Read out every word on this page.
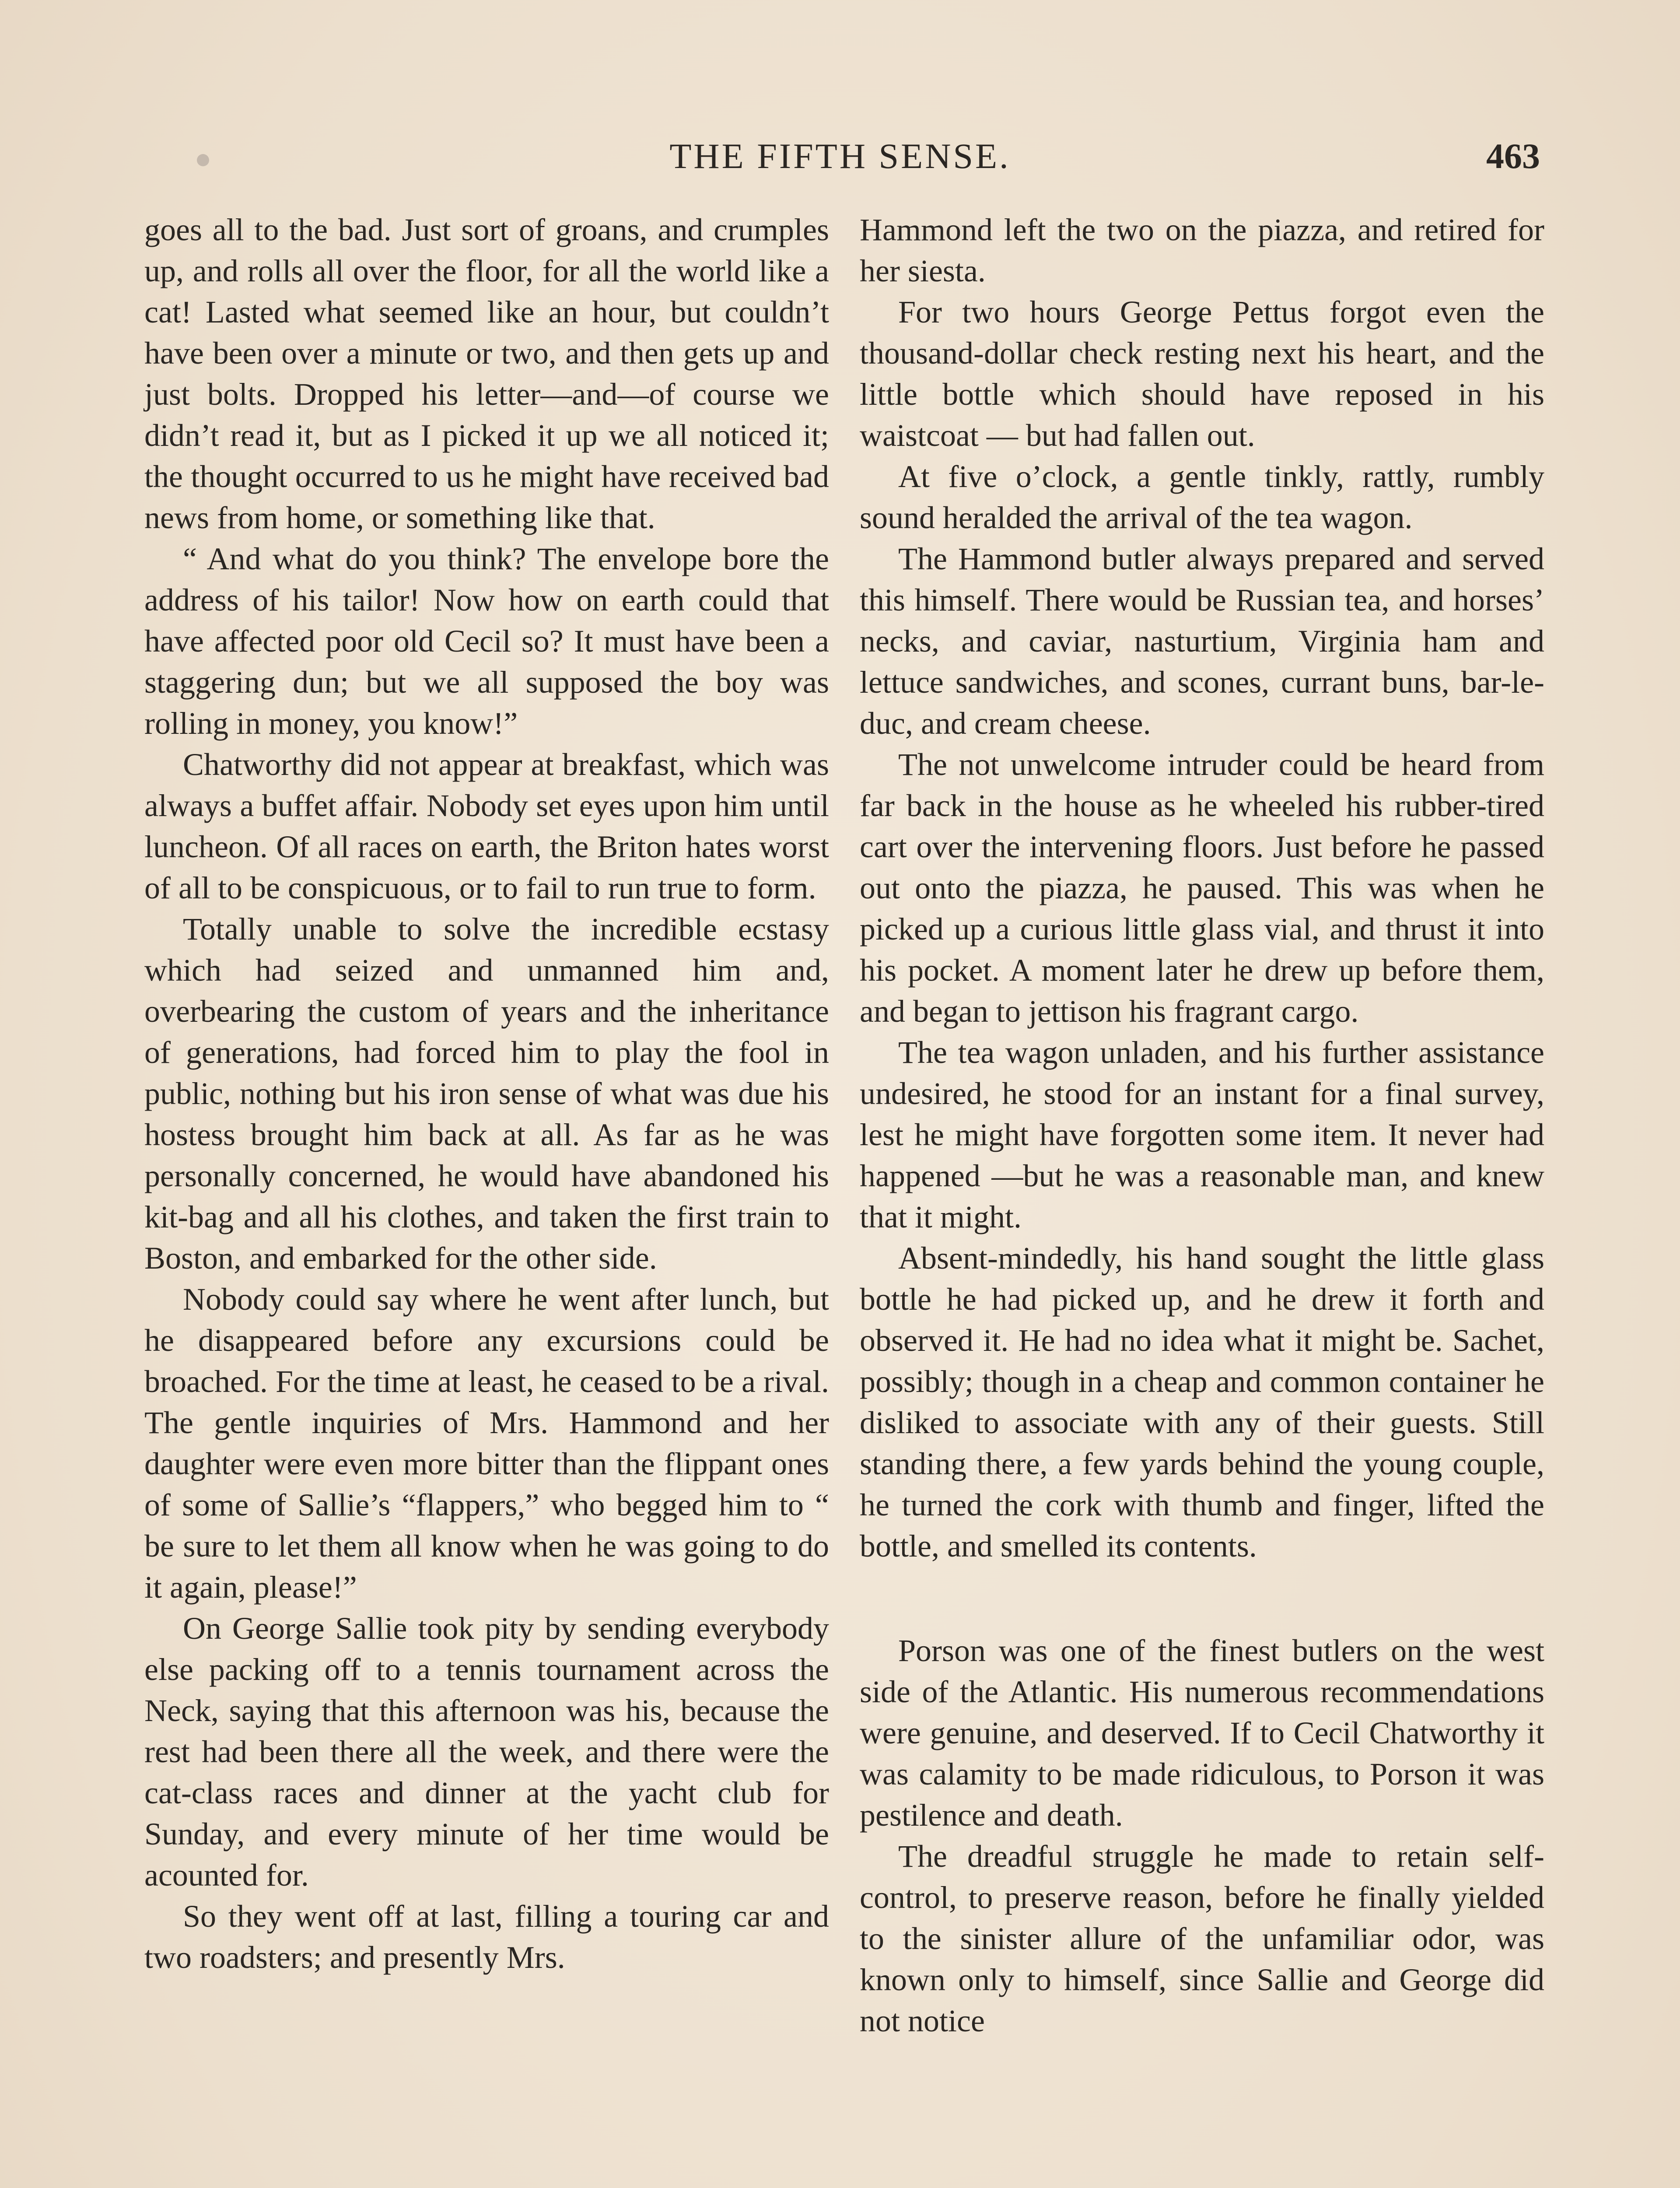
THE FIFTH SENSE.	463

goes all to the bad. Just sort of groans, and crumples up, and rolls all over the floor, for all the world like a cat! Lasted what seemed like an hour, but couldn’t have been over a minute or two, and then gets up and just bolts. Dropped his letter—and—of course we didn’t read it, but as I picked it up we all noticed it; the thought occurred to us he might have received bad news from home, or something like that.

“ And what do you think? The envelope bore the address of his tailor! Now how on earth could that have affected poor old Cecil so? It must have been a staggering dun; but we all supposed the boy was rolling in money, you know!”

Chatworthy did not appear at breakfast, which was always a buffet affair. Nobody set eyes upon him until luncheon. Of all races on earth, the Briton hates worst of all to be conspicuous, or to fail to run true to form.

Totally unable to solve the incredible ecstasy which had seized and unmanned him and, overbearing the custom of years and the inheritance of generations, had forced him to play the fool in public, nothing but his iron sense of what was due his hostess brought him back at all. As far as he was personally concerned, he would have abandoned his kit-bag and all his clothes, and taken the first train to Boston, and embarked for the other side.

Nobody could say where he went after lunch, but he disappeared before any excursions could be broached. For the time at least, he ceased to be a rival. The gentle inquiries of Mrs. Hammond and her daughter were even more bitter than the flippant ones of some of Sallie’s “flappers,” who begged him to “ be sure to let them all know when he was going to do it again, please!”

On George Sallie took pity by sending everybody else packing off to a tennis tournament across the Neck, saying that this afternoon was his, because the rest had been there all the week, and there were the cat-class races and dinner at the yacht club for Sunday, and every minute of her time would be acounted for.

So they went off at last, filling a touring car and two roadsters; and presently Mrs.

Hammond left the two on the piazza, and retired for her siesta.

For two hours George Pettus forgot even the thousand-dollar check resting next his heart, and the little bottle which should have reposed in his waistcoat — but had fallen out.

At five o’clock, a gentle tinkly, rattly, rumbly sound heralded the arrival of the tea wagon.

The Hammond butler always prepared and served this himself. There would be Russian tea, and horses’ necks, and caviar, nasturtium, Virginia ham and lettuce sandwiches, and scones, currant buns, bar-le-duc, and cream cheese.

The not unwelcome intruder could be heard from far back in the house as he wheeled his rubber-tired cart over the intervening floors. Just before he passed out onto the piazza, he paused. This was when he picked up a curious little glass vial, and thrust it into his pocket. A moment later he drew up before them, and began to jettison his fragrant cargo.

The tea wagon unladen, and his further assistance undesired, he stood for an instant for a final survey, lest he might have forgotten some item. It never had happened —but he was a reasonable man, and knew that it might.

Absent-mindedly, his hand sought the little glass bottle he had picked up, and he drew it forth and observed it. He had no idea what it might be. Sachet, possibly; though in a cheap and common container he disliked to associate with any of their guests. Still standing there, a few yards behind the young couple, he turned the cork with thumb and finger, lifted the bottle, and smelled its contents.

Porson was one of the finest butlers on the west side of the Atlantic. His numerous recommendations were genuine, and deserved. If to Cecil Chatworthy it was calamity to be made ridiculous, to Porson it was pestilence and death.

The dreadful struggle he made to retain self-control, to preserve reason, before he finally yielded to the sinister allure of the unfamiliar odor, was known only to himself, since Sallie and George did not notice
